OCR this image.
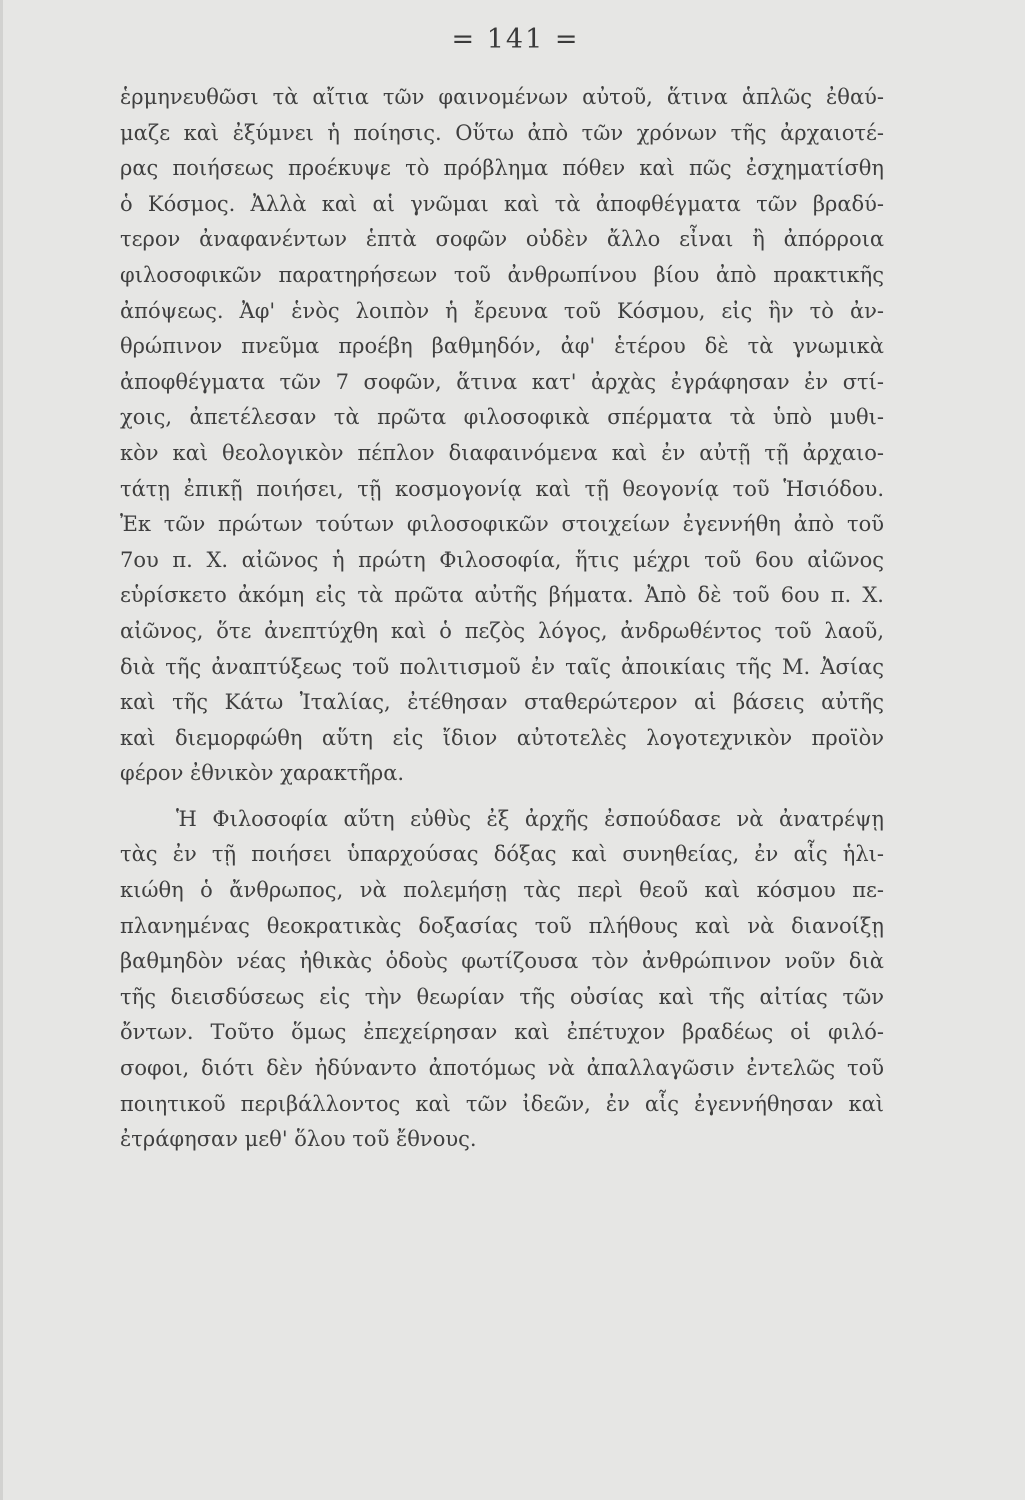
= 141 =
ἑρμηνευθῶσι τὰ αἴτια τῶν φαινομένων αὐτοῦ, ἅτινα ἁπλῶς ἐθαύ-
μαζε καὶ ἐξύμνει ἡ ποίησις. Οὕτω ἀπὸ τῶν χρόνων τῆς ἀρχαιοτέ-
ρας ποιήσεως προέκυψε τὸ πρόβλημα πόθεν καὶ πῶς ἐσχηματίσθη
ὁ Κόσμος. Ἀλλὰ καὶ αἱ γνῶμαι καὶ τὰ ἀποφθέγματα τῶν βραδύ-
τερον ἀναφανέντων ἑπτὰ σοφῶν οὐδὲν ἄλλο εἶναι ἢ ἀπόρροια
φιλοσοφικῶν παρατηρήσεων τοῦ ἀνθρωπίνου βίου ἀπὸ πρακτικῆς
ἀπόψεως. Ἀφ' ἑνὸς λοιπὸν ἡ ἔρευνα τοῦ Κόσμου, εἰς ἣν τὸ ἀν-
θρώπινον πνεῦμα προέβη βαθμηδόν, ἀφ' ἑτέρου δὲ τὰ γνωμικὰ
ἀποφθέγματα τῶν 7 σοφῶν, ἅτινα κατ' ἀρχὰς ἐγράφησαν ἐν στί-
χοις, ἀπετέλεσαν τὰ πρῶτα φιλοσοφικὰ σπέρματα τὰ ὑπὸ μυθι-
κὸν καὶ θεολογικὸν πέπλον διαφαινόμενα καὶ ἐν αὐτῇ τῇ ἀρχαιο-
τάτῃ ἐπικῇ ποιήσει, τῇ κοσμογονίᾳ καὶ τῇ θεογονίᾳ τοῦ Ἡσιόδου.
Ἐκ τῶν πρώτων τούτων φιλοσοφικῶν στοιχείων ἐγεννήθη ἀπὸ τοῦ
7ου π. Χ. αἰῶνος ἡ πρώτη Φιλοσοφία, ἥτις μέχρι τοῦ 6ου αἰῶνος
εὑρίσκετο ἀκόμη εἰς τὰ πρῶτα αὐτῆς βήματα. Ἀπὸ δὲ τοῦ 6ου π. Χ.
αἰῶνος, ὅτε ἀνεπτύχθη καὶ ὁ πεζὸς λόγος, ἀνδρωθέντος τοῦ λαοῦ,
διὰ τῆς ἀναπτύξεως τοῦ πολιτισμοῦ ἐν ταῖς ἀποικίαις τῆς Μ. Ἀσίας
καὶ τῆς Κάτω Ἰταλίας, ἐτέθησαν σταθερώτερον αἱ βάσεις αὐτῆς
καὶ διεμορφώθη αὕτη εἰς ἴδιον αὐτοτελὲς λογοτεχνικὸν προϊὸν
φέρον ἐθνικὸν χαρακτῆρα.
Ἡ Φιλοσοφία αὕτη εὐθὺς ἐξ ἀρχῆς ἐσπούδασε νὰ ἀνατρέψῃ
τὰς ἐν τῇ ποιήσει ὑπαρχούσας δόξας καὶ συνηθείας, ἐν αἷς ἡλι-
κιώθη ὁ ἄνθρωπος, νὰ πολεμήσῃ τὰς περὶ θεοῦ καὶ κόσμου πε-
πλανημένας θεοκρατικὰς δοξασίας τοῦ πλήθους καὶ νὰ διανοίξῃ
βαθμηδὸν νέας ἠθικὰς ὁδοὺς φωτίζουσα τὸν ἀνθρώπινον νοῦν διὰ
τῆς διεισδύσεως εἰς τὴν θεωρίαν τῆς οὐσίας καὶ τῆς αἰτίας τῶν
ὄντων. Τοῦτο ὅμως ἐπεχείρησαν καὶ ἐπέτυχον βραδέως οἱ φιλό-
σοφοι, διότι δὲν ἠδύναντο ἀποτόμως νὰ ἀπαλλαγῶσιν ἐντελῶς τοῦ
ποιητικοῦ περιβάλλοντος καὶ τῶν ἰδεῶν, ἐν αἷς ἐγεννήθησαν καὶ
ἐτράφησαν μεθ' ὅλου τοῦ ἔθνους.
